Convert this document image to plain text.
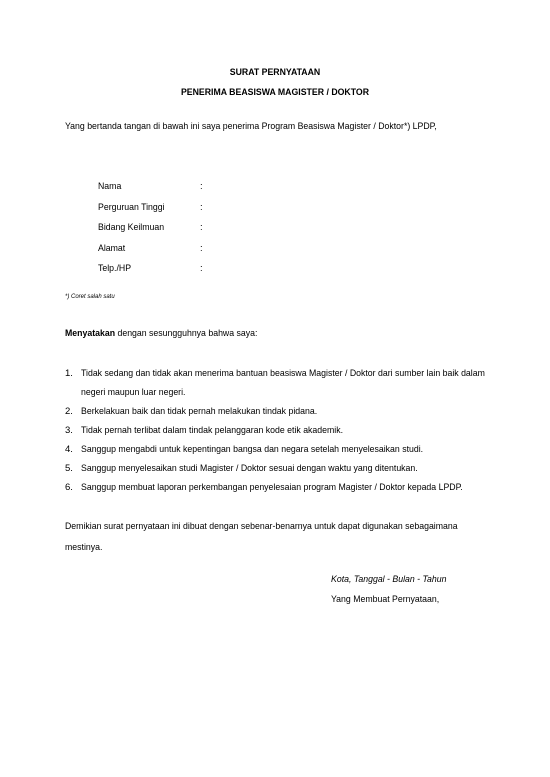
SURAT PERNYATAAN
PENERIMA BEASISWA MAGISTER / DOKTOR
Yang bertanda tangan di bawah ini saya penerima Program Beasiswa Magister / Doktor*) LPDP,
Nama	:
Perguruan Tinggi	:
Bidang Keilmuan	:
Alamat	:
Telp./HP	:
*) Coret salah satu
Menyatakan dengan sesungguhnya bahwa saya:
1. Tidak sedang dan tidak akan menerima bantuan beasiswa Magister / Doktor dari sumber lain baik dalam negeri maupun luar negeri.
2. Berkelakuan baik dan tidak pernah melakukan tindak pidana.
3. Tidak pernah terlibat dalam tindak pelanggaran kode etik akademik.
4. Sanggup mengabdi untuk kepentingan bangsa dan negara setelah menyelesaikan studi.
5. Sanggup menyelesaikan studi Magister / Doktor sesuai dengan waktu yang ditentukan.
6. Sanggup membuat laporan perkembangan penyelesaian program Magister / Doktor kepada LPDP.
Demikian surat pernyataan ini dibuat dengan sebenar-benarnya untuk dapat digunakan sebagaimana mestinya.
Kota, Tanggal - Bulan - Tahun
Yang Membuat Pernyataan,
